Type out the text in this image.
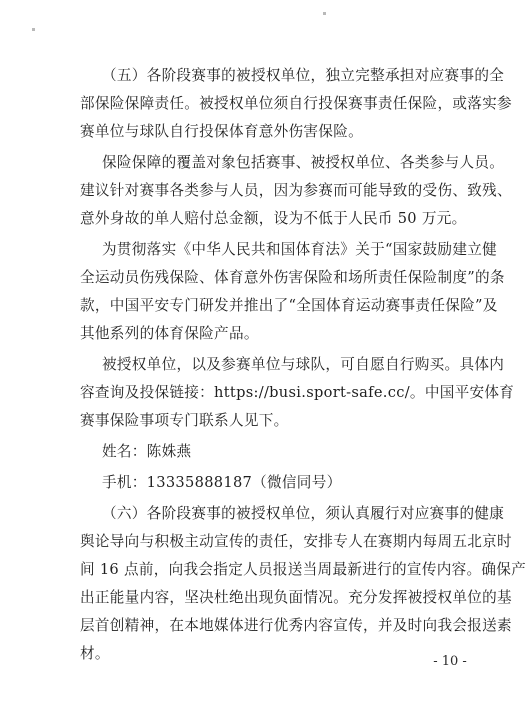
（五）各阶段赛事的被授权单位，独立完整承担对应赛事的全
部保险保障责任。被授权单位须自行投保赛事责任保险，或落实参
赛单位与球队自行投保体育意外伤害保险。
保险保障的覆盖对象包括赛事、被授权单位、各类参与人员。
建议针对赛事各类参与人员，因为参赛而可能导致的受伤、致残、
意外身故的单人赔付总金额，设为不低于人民币 50 万元。
为贯彻落实《中华人民共和国体育法》关于“国家鼓励建立健
全运动员伤残保险、体育意外伤害保险和场所责任保险制度”的条
款，中国平安专门研发并推出了“全国体育运动赛事责任保险”及
其他系列的体育保险产品。
被授权单位，以及参赛单位与球队，可自愿自行购买。具体内
容查询及投保链接：https://busi.sport-safe.cc/。中国平安体育
赛事保险事项专门联系人见下。
姓名：陈姝燕
手机：13335888187（微信同号）
（六）各阶段赛事的被授权单位，须认真履行对应赛事的健康
舆论导向与积极主动宣传的责任，安排专人在赛期内每周五北京时
间 16 点前，向我会指定人员报送当周最新进行的宣传内容。确保产
出正能量内容，坚决杜绝出现负面情况。充分发挥被授权单位的基
层首创精神，在本地媒体进行优秀内容宣传，并及时向我会报送素
材。	- 10 -
